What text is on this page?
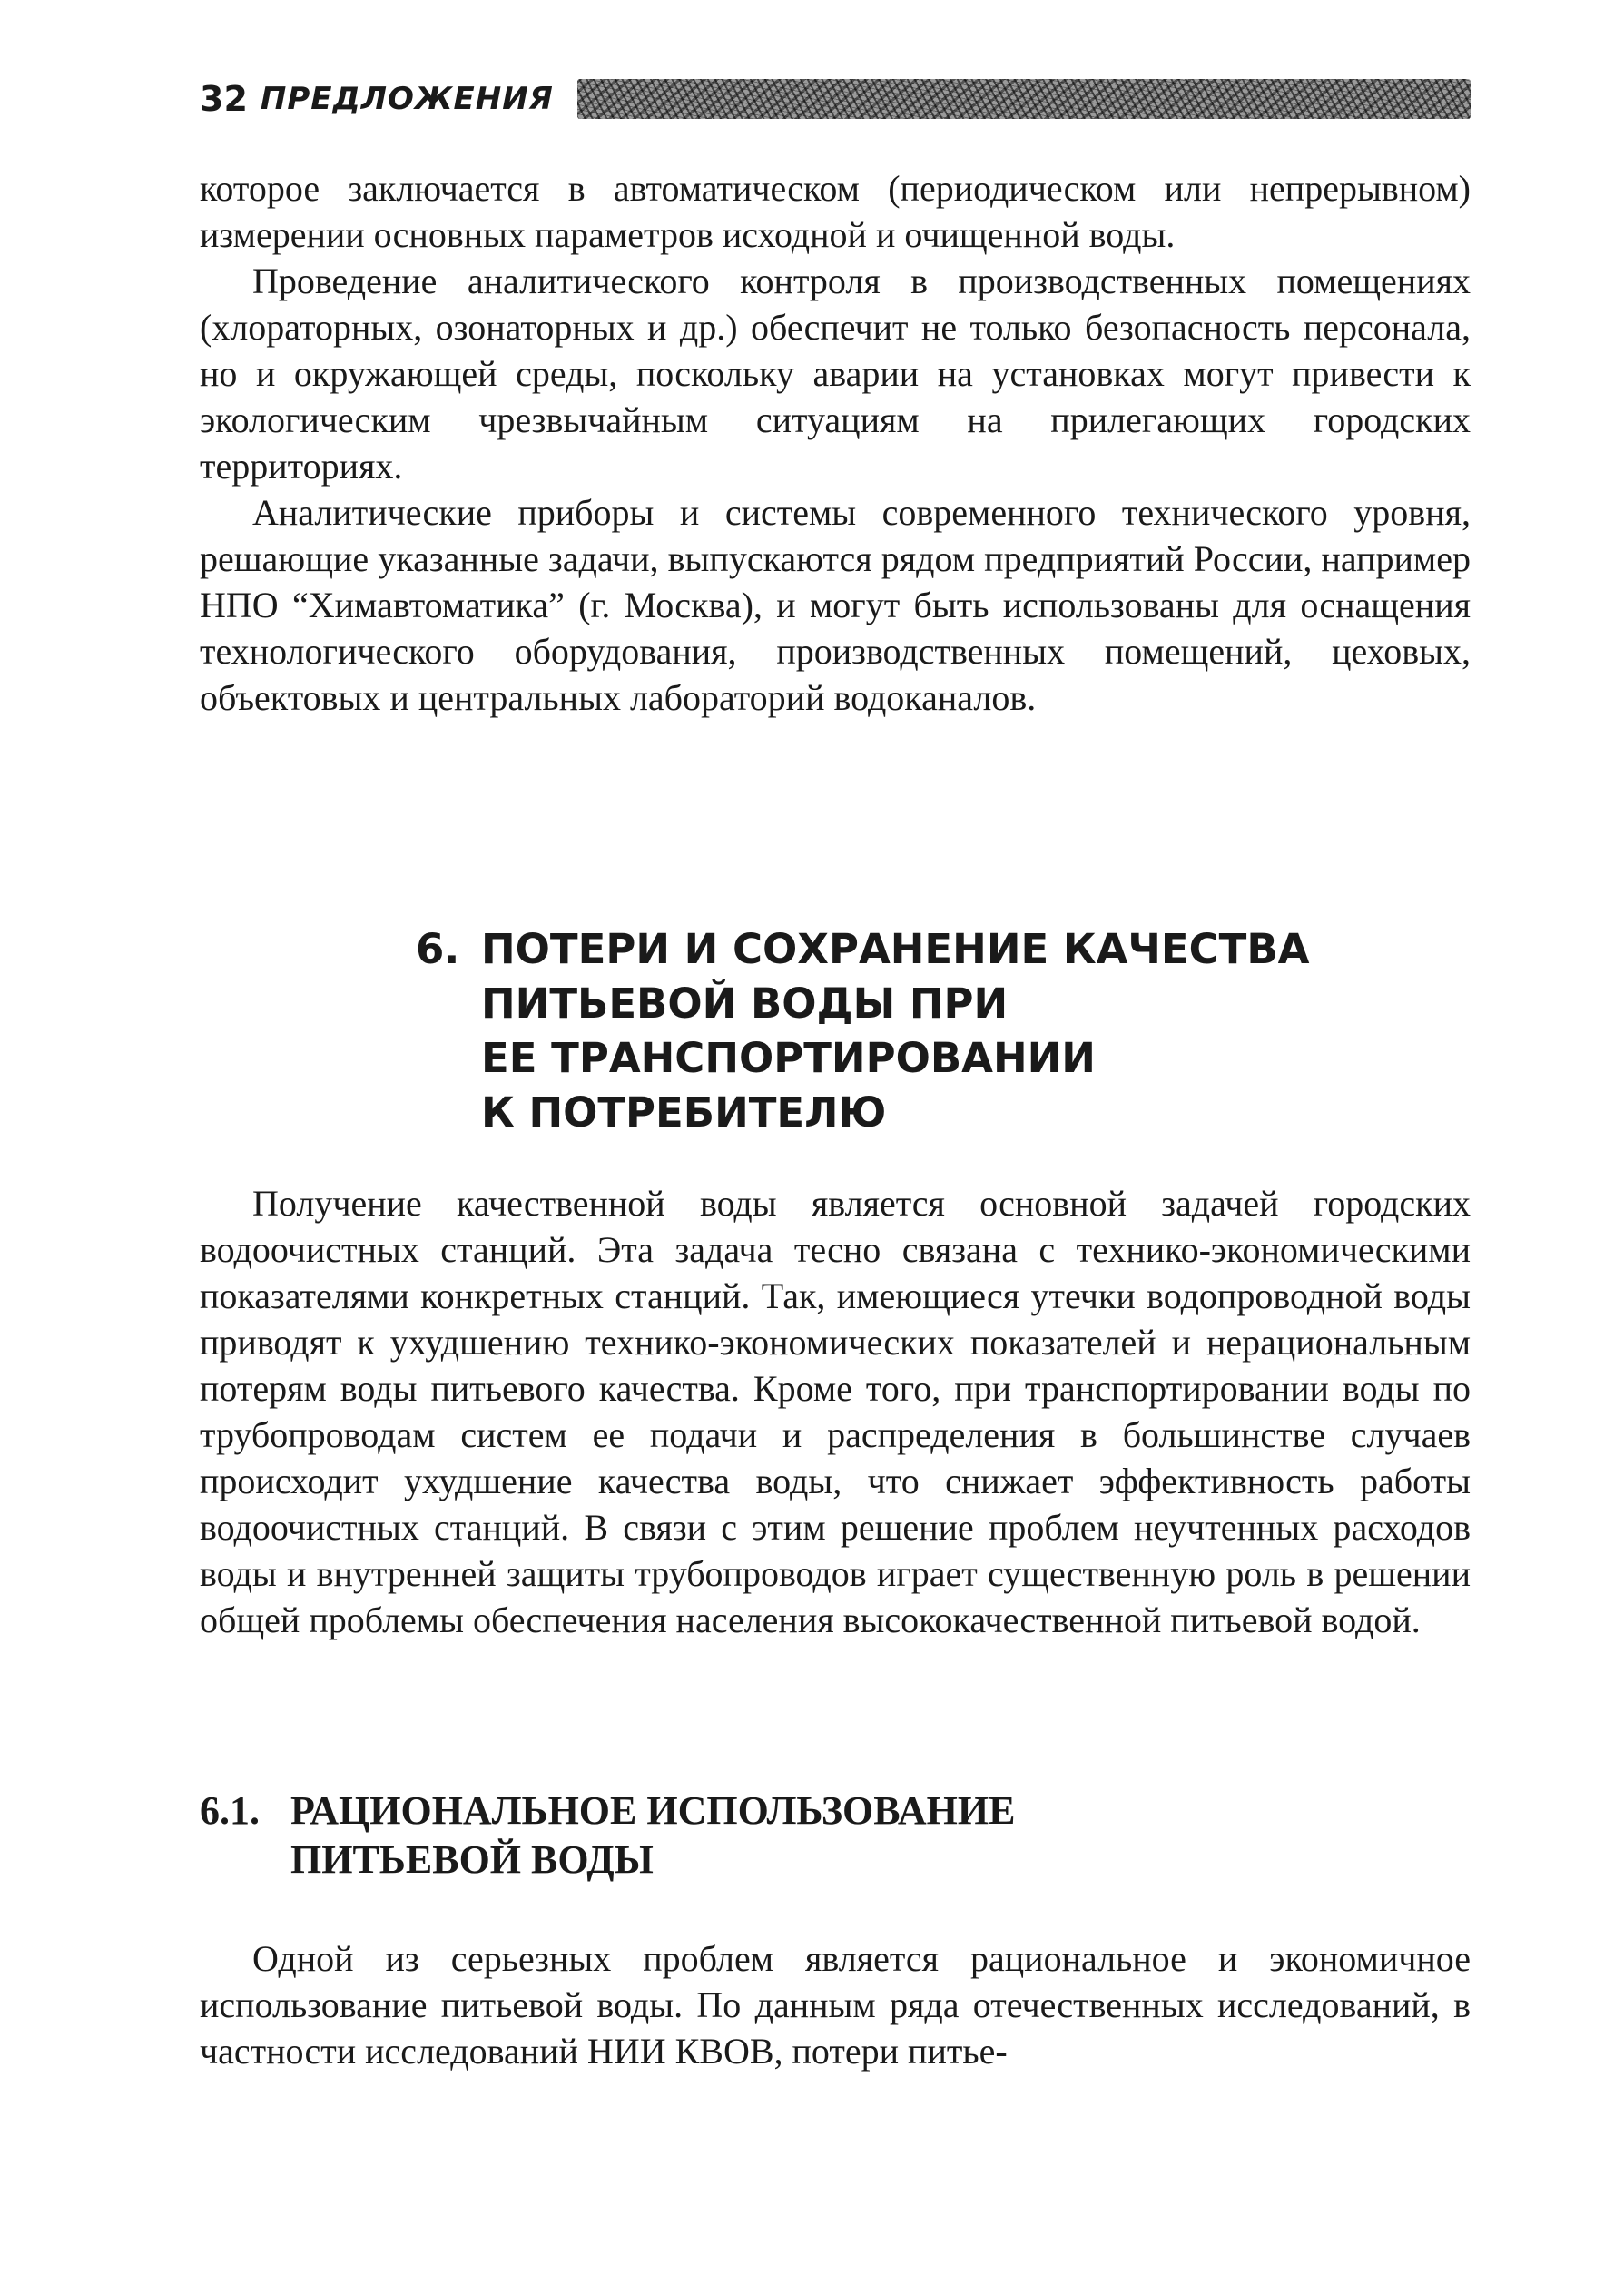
32 ПРЕДЛОЖЕНИЯ

которое заключается в автоматическом (периодическом или непрерывном) измерении основных параметров исходной и очищенной воды.

Проведение аналитического контроля в производственных помещениях (хлораторных, озонаторных и др.) обеспечит не только безопасность персонала, но и окружающей среды, поскольку аварии на установках могут привести к экологическим чрезвычайным ситуациям на прилегающих городских территориях.

Аналитические приборы и системы современного технического уровня, решающие указанные задачи, выпускаются рядом предприятий России, например НПО “Химавтоматика” (г. Москва), и могут быть использованы для оснащения технологического оборудования, производственных помещений, цеховых, объектовых и центральных лабораторий водоканалов.

6. ПОТЕРИ И СОХРАНЕНИЕ КАЧЕСТВА
ПИТЬЕВОЙ ВОДЫ ПРИ
ЕЕ ТРАНСПОРТИРОВАНИИ
К ПОТРЕБИТЕЛЮ

Получение качественной воды является основной задачей городских водоочистных станций. Эта задача тесно связана с технико-экономическими показателями конкретных станций. Так, имеющиеся утечки водопроводной воды приводят к ухудшению технико-экономических показателей и нерациональным потерям воды питьевого качества. Кроме того, при транспортировании воды по трубопроводам систем ее подачи и распределения в большинстве случаев происходит ухудшение качества воды, что снижает эффективность работы водоочистных станций. В связи с этим решение проблем неучтенных расходов воды и внутренней защиты трубопроводов играет существенную роль в решении общей проблемы обеспечения населения высококачественной питьевой водой.

6.1. РАЦИОНАЛЬНОЕ ИСПОЛЬЗОВАНИЕ
ПИТЬЕВОЙ ВОДЫ

Одной из серьезных проблем является рациональное и экономичное использование питьевой воды. По данным ряда отечественных исследований, в частности исследований НИИ КВОВ, потери питье-
